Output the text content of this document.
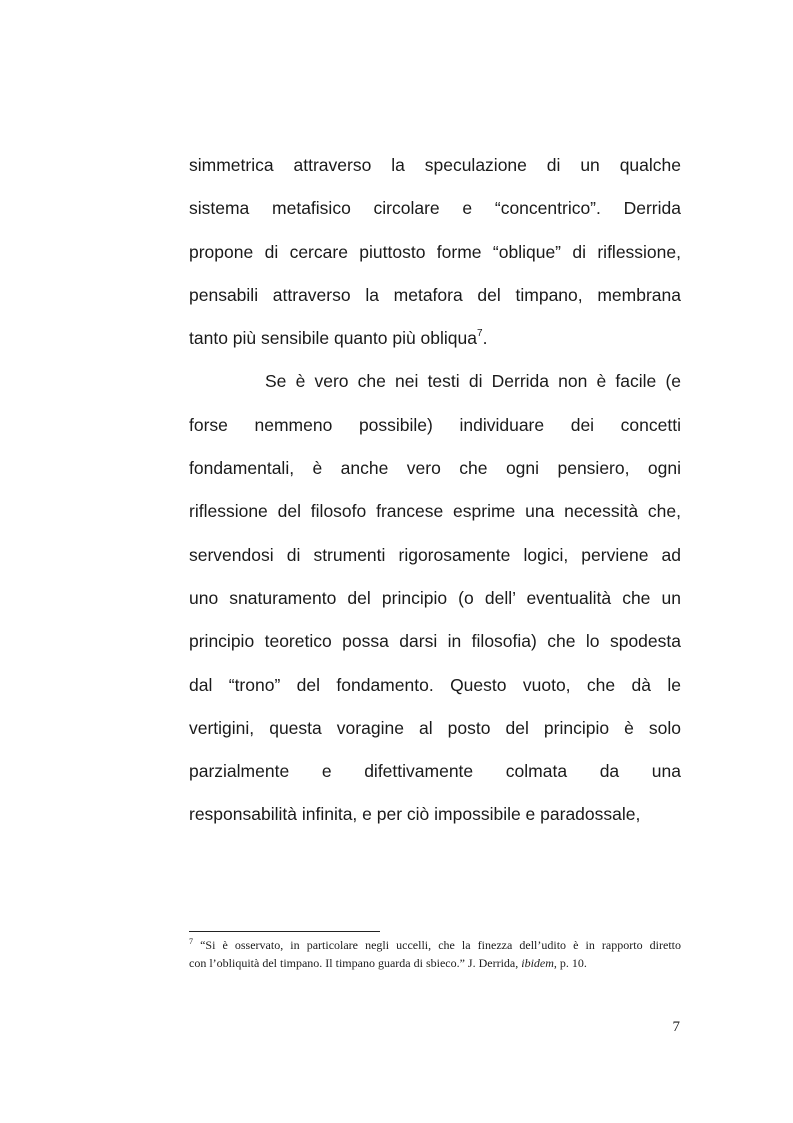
simmetrica attraverso la speculazione di un qualche
sistema metafisico circolare e “concentrico”. Derrida
propone di cercare piuttosto forme “oblique” di riflessione,
pensabili attraverso la metafora del timpano, membrana
tanto più sensibile quanto più obliqua$^7$.
Se è vero che nei testi di Derrida non è facile (e
forse nemmeno possibile) individuare dei concetti
fondamentali, è anche vero che ogni pensiero, ogni
riflessione del filosofo francese esprime una necessità che,
servendosi di strumenti rigorosamente logici, perviene ad
uno snaturamento del principio (o dell’ eventualità che un
principio teoretico possa darsi in filosofia) che lo spodesta
dal “trono” del fondamento. Questo vuoto, che dà le
vertigini, questa voragine al posto del principio è solo
parzialmente e difettivamente colmata da una
responsabilità infinita, e per ciò impossibile e paradossale,
$^7$ “Si è osservato, in particolare negli uccelli, che la finezza dell’udito è in rapporto diretto
con l’obliquità del timpano. Il timpano guarda di sbieco.” J. Derrida, ibidem, p. 10.
7
